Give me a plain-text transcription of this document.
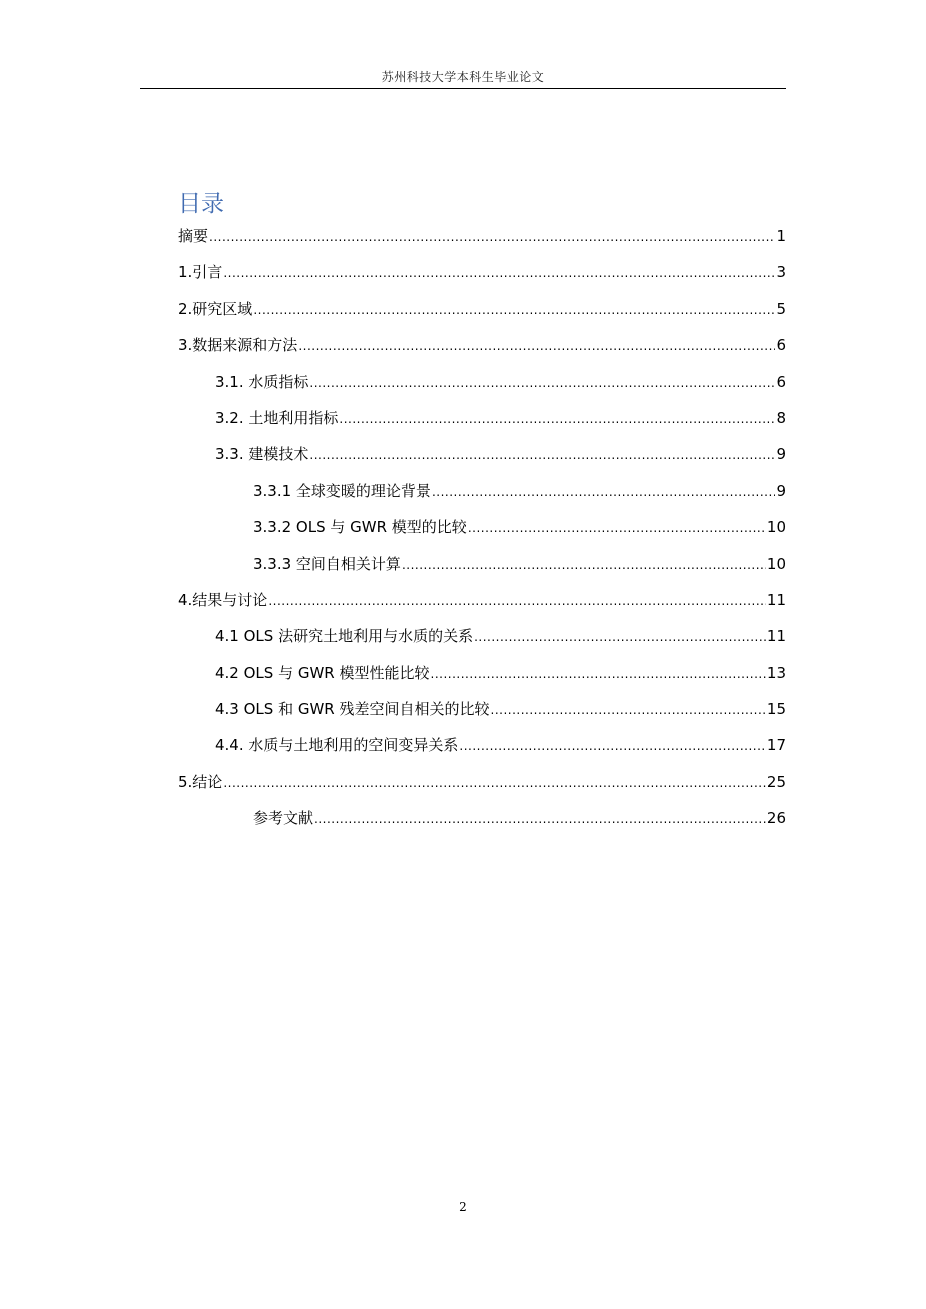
苏州科技大学本科生毕业论文
目录
摘要 .....	1
1.引言 .....	3
2.研究区域 .....	5
3.数据来源和方法 .....	6
3.1. 水质指标 .....	6
3.2. 土地利用指标 .....	8
3.3. 建模技术 .....	9
3.3.1 全球变暖的理论背景 .....	9
3.3.2 OLS 与 GWR 模型的比较 .....	10
3.3.3 空间自相关计算 .....	10
4.结果与讨论 .....	11
4.1 OLS 法研究土地利用与水质的关系 .....	11
4.2 OLS 与 GWR 模型性能比较 .....	13
4.3 OLS 和 GWR 残差空间自相关的比较 .....	15
4.4. 水质与土地利用的空间变异关系 .....	17
5.结论 .....	25
参考文献 .....	26
2
